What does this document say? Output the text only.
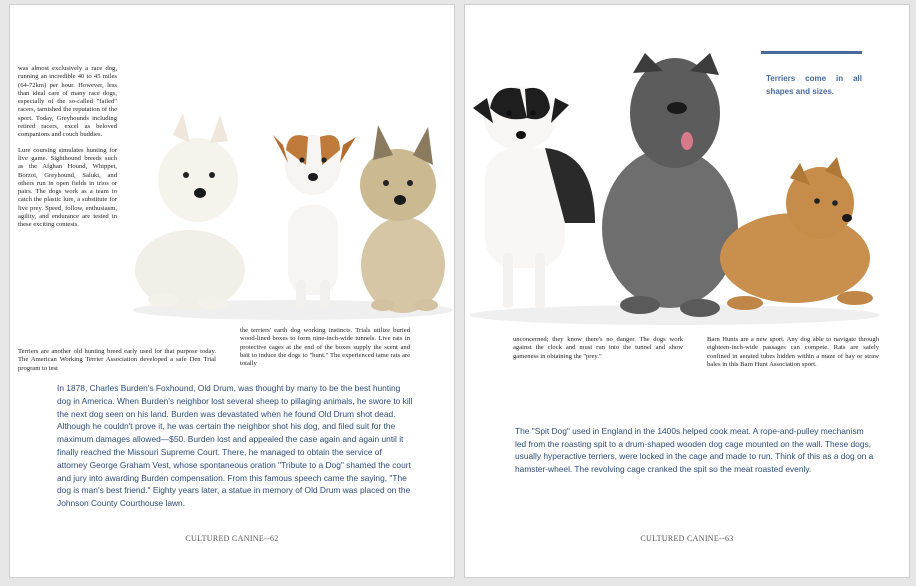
was almost exclusively a race dog, running an incredible 40 to 45 miles (64-72km) per hour. However, less than ideal care of many race dogs, especially of the so-called "failed" racers, tarnished the reputation of the sport. Today, Greyhounds including retired racers, excel as beloved companions and couch buddies.

Lure coursing simulates hunting for live game. Sighthound breeds such as the Afghan Hound, Whippet, Borzoi, Greyhound, Saluki, and others run in open fields in trios or pairs. The dogs work as a team to catch the plastic lure, a substitute for live prey. Speed, follow, enthusiasm, agility, and endurance are tested in these exciting contests.

Terriers are another old hunting breed early used for that purpose today. The American Working Terrier Association developed a safe Den Trial program to test
the terriers' earth dog working instincts. Trials utilize buried wood-lined boxes to form nine-inch-wide tunnels. Live rats in protective cages at the end of the boxes supply the scent and bait to induce the dogs to "hunt." The experienced tame rats are totally
In 1878, Charles Burden's Foxhound, Old Drum, was thought by many to be the best hunting dog in America. When Burden's neighbor lost several sheep to pillaging animals, he swore to kill the next dog seen on his land. Burden was devastated when he found Old Drum shot dead. Although he couldn't prove it, he was certain the neighbor shot his dog, and filed suit for the maximum damages allowed—$50. Burden lost and appealed the case again and again until it finally reached the Missouri Supreme Court. There, he managed to obtain the service of attorney George Graham Vest, whose spontaneous oration "Tribute to a Dog" shamed the court and jury into awarding Burden compensation. From this famous speech came the saying, "The dog is man's best friend." Eighty years later, a statue in memory of Old Drum was placed on the Johnson County Courthouse lawn.
CULTURED CANINE--62
Terriers come in all shapes and sizes.
unconcerned; they know there's no danger. The dogs work against the clock and must run into the tunnel and show gameness in obtaining the "prey."
Barn Hunts are a new sport. Any dog able to navigate through eighteen-inch-wide passages can compete. Rats are safely confined in aerated tubes hidden within a maze of hay or straw bales in this Barn Hunt Association sport.
The "Spit Dog" used in England in the 1400s helped cook meat. A rope-and-pulley mechanism led from the roasting spit to a drum-shaped wooden dog cage mounted on the wall. These dogs, usually hyperactive terriers, were locked in the cage and made to run. Think of this as a dog on a hamster-wheel. The revolving cage cranked the spit so the meat roasted evenly.
CULTURED CANINE--63
